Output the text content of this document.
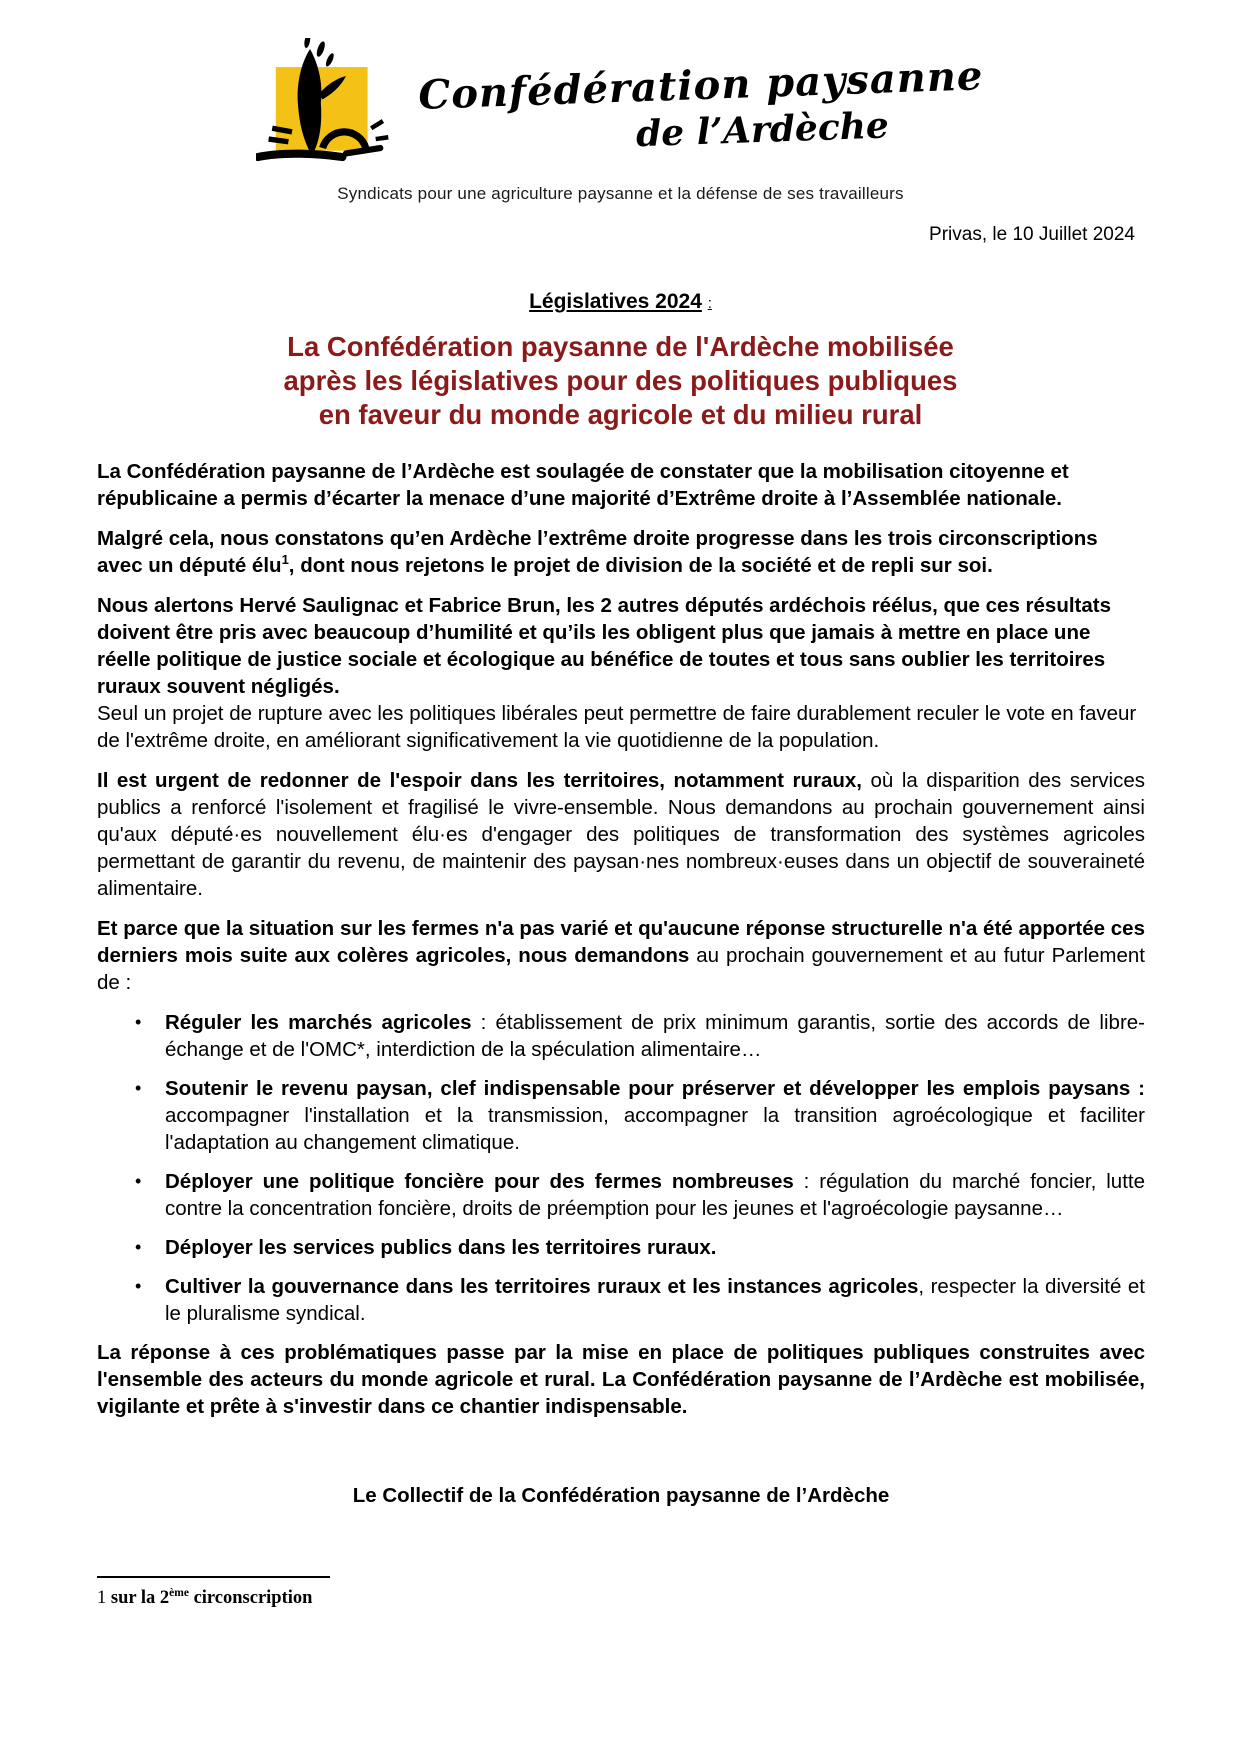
Confédération paysanne
de l’Ardèche
Syndicats pour une agriculture paysanne et la défense de ses travailleurs
Privas, le 10 Juillet 2024
Législatives 2024 :
La Confédération paysanne de l'Ardèche mobilisée
après les législatives pour des politiques publiques
en faveur du monde agricole et du milieu rural

La Confédération paysanne de l’Ardèche est soulagée de constater que la mobilisation citoyenne et républicaine a permis d’écarter la menace d’une majorité d’Extrême droite à l’Assemblée nationale.

Malgré cela, nous constatons qu’en Ardèche l’extrême droite progresse dans les trois circonscriptions avec un député élu$^1$, dont nous rejetons le projet de division de la société et de repli sur soi.

Nous alertons Hervé Saulignac et Fabrice Brun, les 2 autres députés ardéchois réélus, que ces résultats doivent être pris avec beaucoup d’humilité et qu’ils les obligent plus que jamais à mettre en place une réelle politique de justice sociale et écologique au bénéfice de toutes et tous sans oublier les territoires ruraux souvent négligés.
Seul un projet de rupture avec les politiques libérales peut permettre de faire durablement reculer le vote en faveur de l'extrême droite, en améliorant significativement la vie quotidienne de la population.

Il est urgent de redonner de l'espoir dans les territoires, notamment ruraux, où la disparition des services publics a renforcé l'isolement et fragilisé le vivre-ensemble. Nous demandons au prochain gouvernement ainsi qu'aux député·es nouvellement élu·es d'engager des politiques de transformation des systèmes agricoles permettant de garantir du revenu, de maintenir des paysan·nes nombreux·euses dans un objectif de souveraineté alimentaire.

Et parce que la situation sur les fermes n'a pas varié et qu'aucune réponse structurelle n'a été apportée ces derniers mois suite aux colères agricoles, nous demandons au prochain gouvernement et au futur Parlement de :

• Réguler les marchés agricoles : établissement de prix minimum garantis, sortie des accords de libre-échange et de l'OMC*, interdiction de la spéculation alimentaire…
• Soutenir le revenu paysan, clef indispensable pour préserver et développer les emplois paysans : accompagner l'installation et la transmission, accompagner la transition agroécologique et faciliter l'adaptation au changement climatique.
• Déployer une politique foncière pour des fermes nombreuses : régulation du marché foncier, lutte contre la concentration foncière, droits de préemption pour les jeunes et l'agroécologie paysanne…
• Déployer les services publics dans les territoires ruraux.
• Cultiver la gouvernance dans les territoires ruraux et les instances agricoles, respecter la diversité et le pluralisme syndical.

La réponse à ces problématiques passe par la mise en place de politiques publiques construites avec l'ensemble des acteurs du monde agricole et rural. La Confédération paysanne de l’Ardèche est mobilisée, vigilante et prête à s'investir dans ce chantier indispensable.

Le Collectif de la Confédération paysanne de l’Ardèche
1 sur la 2ème circonscription
